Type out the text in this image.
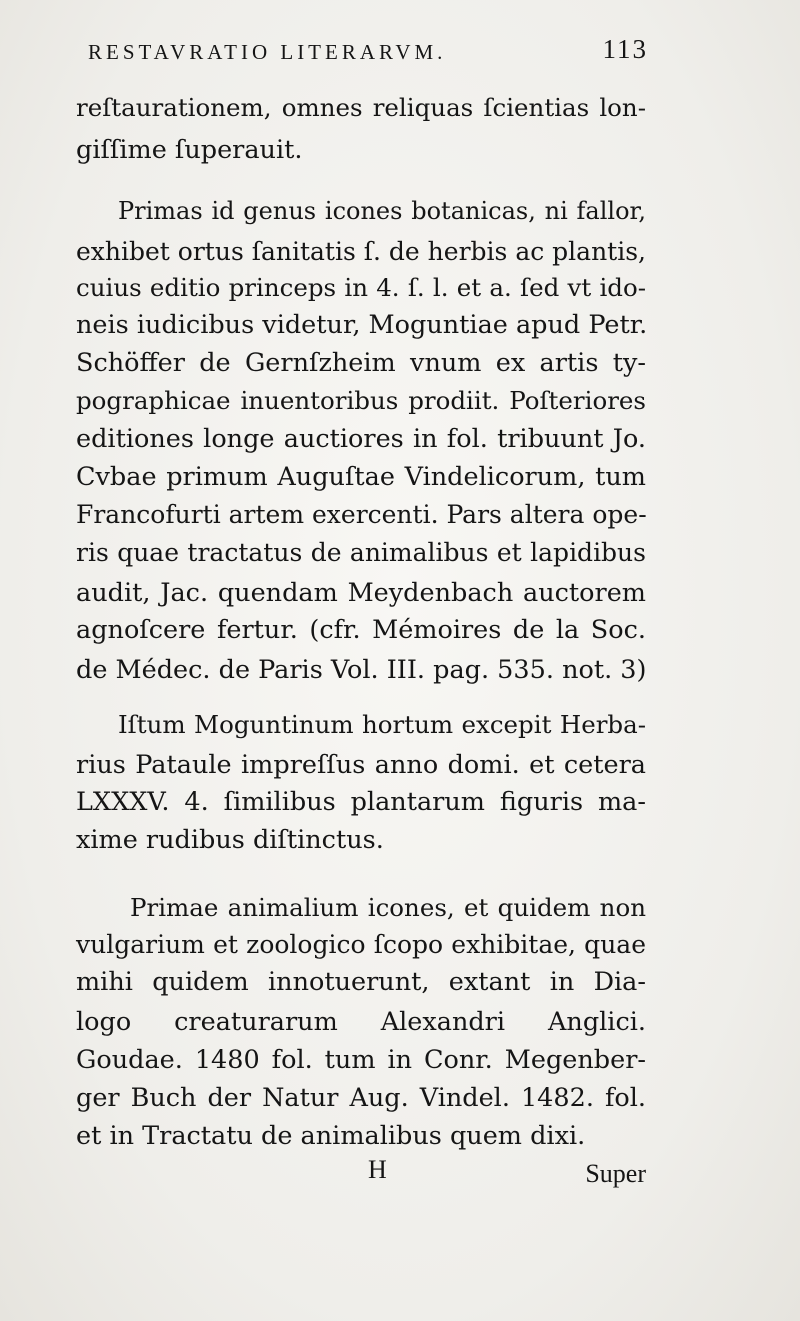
RESTAVRATIO LITERARVM.	113
reſtaurationem, omnes reliquas ſcientias lon-
giſſime ſuperauit.
Primas id genus icones botanicas, ni fallor,
exhibet ortus ſanitatis ſ. de herbis ac plantis,
cuius editio princeps in 4. ſ. l. et a. ſed vt ido-
neis iudicibus videtur, Moguntiae apud Petr.
Schöffer de Gernſzheim vnum ex artis ty-
pographicae inuentoribus prodiit. Poſteriores
editiones longe auctiores in fol. tribuunt Jo.
Cvbae primum Auguſtae Vindelicorum, tum
Francofurti artem exercenti. Pars altera ope-
ris quae tractatus de animalibus et lapidibus
audit, Jac. quendam Meydenbach auctorem
agnoſcere fertur. (cfr. Mémoires de la Soc.
de Médec. de Paris Vol. III. pag. 535. not. 3)
Iſtum Moguntinum hortum excepit Herba-
rius Pataule impreſſus anno domi. et cetera
LXXXV. 4. ſimilibus plantarum figuris ma-
xime rudibus diſtinctus.
Primae animalium icones, et quidem non
vulgarium et zoologico ſcopo exhibitae, quae
mihi quidem innotuerunt, extant in Dia-
logo creaturarum Alexandri Anglici.
Goudae. 1480 fol. tum in Conr. Megenber-
ger Buch der Natur Aug. Vindel. 1482. fol.
et in Tractatu de animalibus quem dixi.
H	Super
